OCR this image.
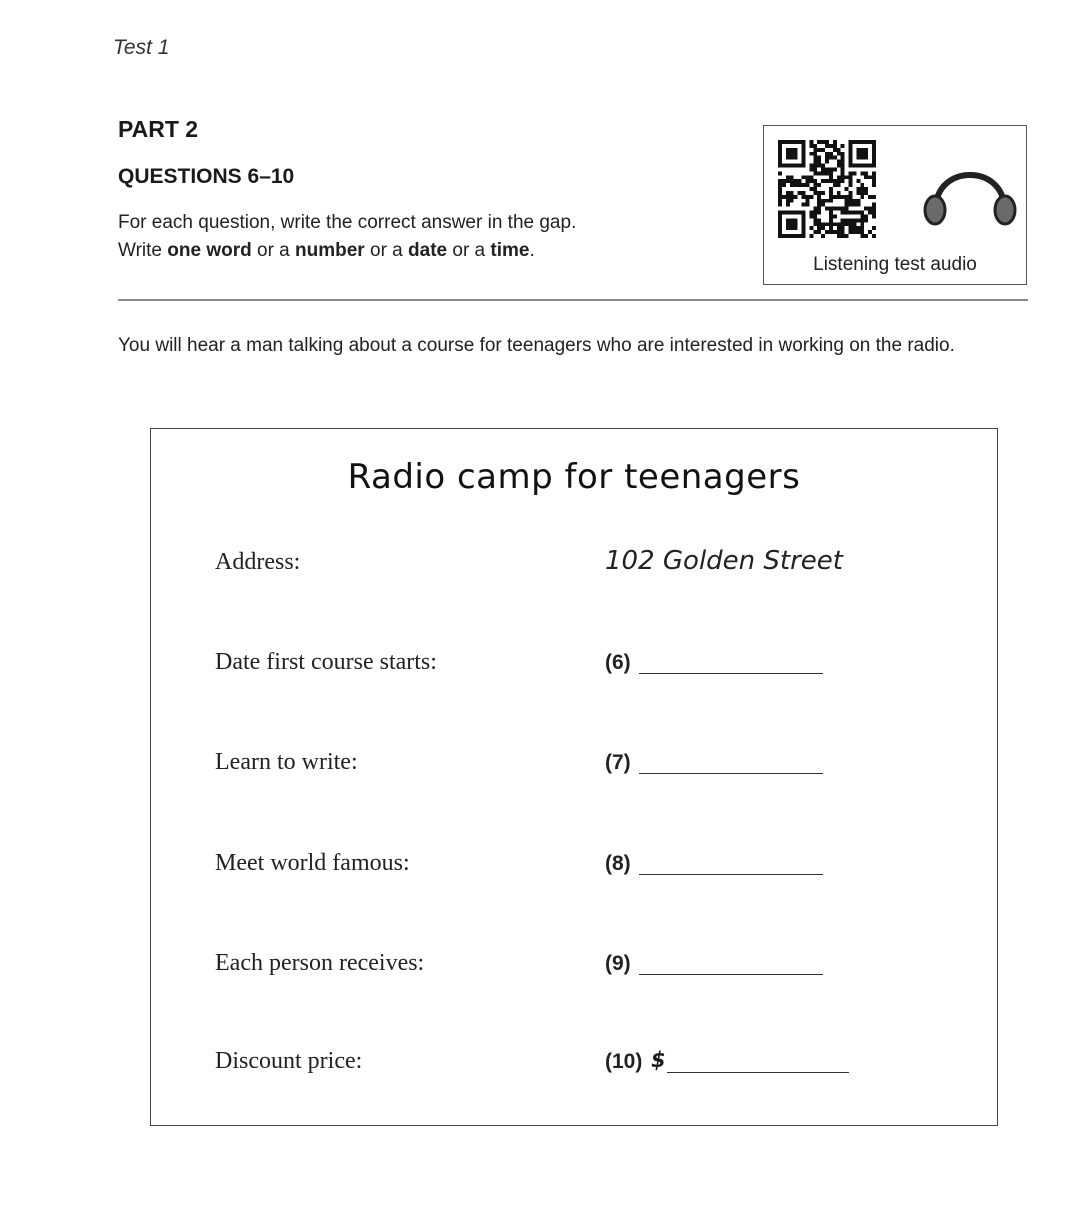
Test 1
PART 2
QUESTIONS 6–10
For each question, write the correct answer in the gap.
Write one word or a number or a date or a time.
Listening test audio
You will hear a man talking about a course for teenagers who are interested in working on the radio.
Radio camp for teenagers
Address:	102 Golden Street
Date first course starts:	(6)
Learn to write:	(7)
Meet world famous:	(8)
Each person receives:	(9)
Discount price:	(10) $
